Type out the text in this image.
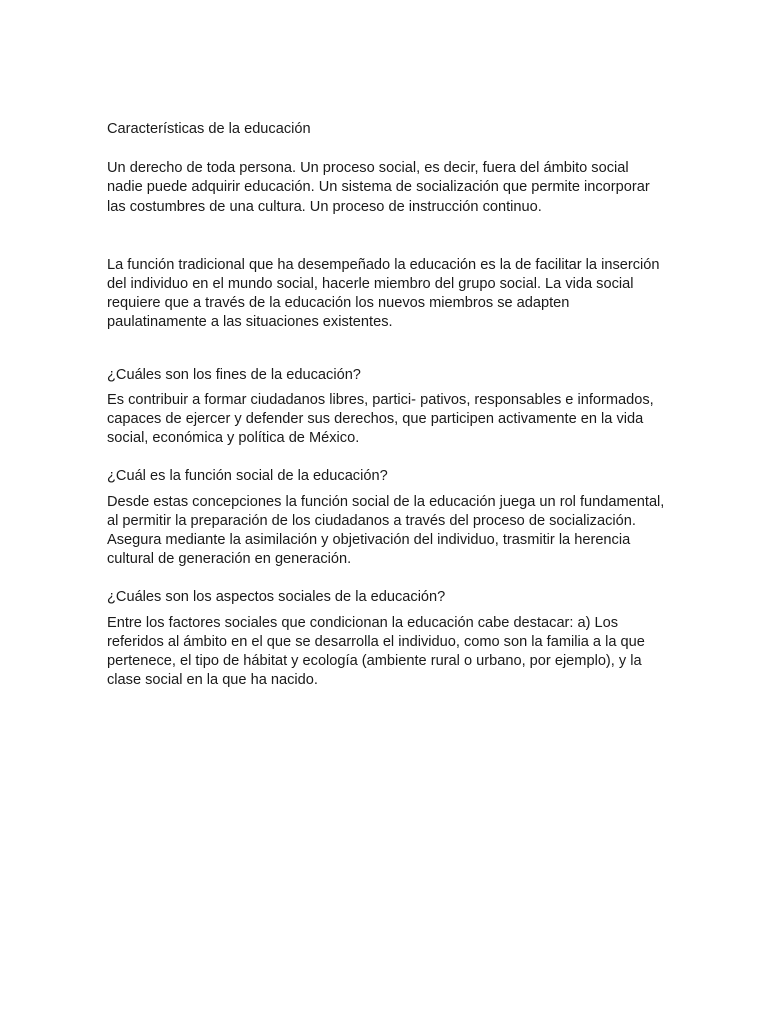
Características de la educación

Un derecho de toda persona. Un proceso social, es decir, fuera del ámbito social nadie puede adquirir educación. Un sistema de socialización que permite incorporar las costumbres de una cultura. Un proceso de instrucción continuo.

La función tradicional que ha desempeñado la educación es la de facilitar la inserción del individuo en el mundo social, hacerle miembro del grupo social. La vida social requiere que a través de la educación los nuevos miembros se adapten paulatinamente a las situaciones existentes.

¿Cuáles son los fines de la educación?

Es contribuir a formar ciudadanos libres, partici- pativos, responsables e informados, capaces de ejercer y defender sus derechos, que participen activamente en la vida social, económica y política de México.

¿Cuál es la función social de la educación?

Desde estas concepciones la función social de la educación juega un rol fundamental, al permitir la preparación de los ciudadanos a través del proceso de socialización. Asegura mediante la asimilación y objetivación del individuo, trasmitir la herencia cultural de generación en generación.

¿Cuáles son los aspectos sociales de la educación?

Entre los factores sociales que condicionan la educación cabe destacar: a) Los referidos al ámbito en el que se desarrolla el individuo, como son la familia a la que pertenece, el tipo de hábitat y ecología (ambiente rural o urbano, por ejemplo), y la clase social en la que ha nacido.
